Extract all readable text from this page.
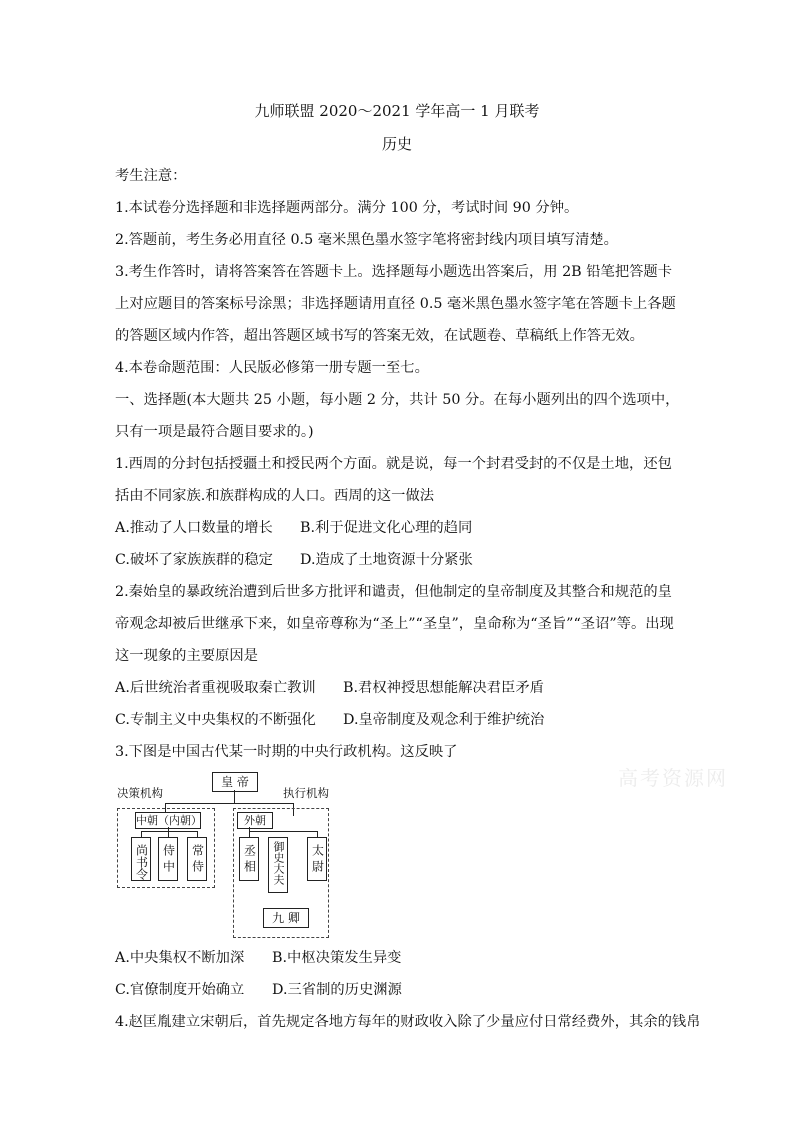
九师联盟 2020～2021 学年高一 1 月联考
历史
考生注意：
1.本试卷分选择题和非选择题两部分。满分 100 分，考试时间 90 分钟。
2.答题前，考生务必用直径 0.5 毫米黑色墨水签字笔将密封线内项目填写清楚。
3.考生作答时，请将答案答在答题卡上。选择题每小题选出答案后，用 2B 铅笔把答题卡上对应题目的答案标号涂黑；非选择题请用直径 0.5 毫米黑色墨水签字笔在答题卡上各题的答题区域内作答，超出答题区域书写的答案无效，在试题卷、草稿纸上作答无效。
4.本卷命题范围：人民版必修第一册专题一至七。
一、选择题(本大题共 25 小题，每小题 2 分，共计 50 分。在每小题列出的四个选项中，只有一项是最符合题目要求的。)
1.西周的分封包括授疆土和授民两个方面。就是说，每一个封君受封的不仅是土地，还包括由不同家族.和族群构成的人口。西周的这一做法
A.推动了人口数量的增长 B.利于促进文化心理的趋同
C.破坏了家族族群的稳定 D.造成了土地资源十分紧张
2.秦始皇的暴政统治遭到后世多方批评和谴责，但他制定的皇帝制度及其整合和规范的皇帝观念却被后世继承下来，如皇帝尊称为“圣上”“圣皇”，皇命称为“圣旨”“圣诏”等。出现这一现象的主要原因是
A.后世统治者重视吸取秦亡教训 B.君权神授思想能解决君臣矛盾
C.专制主义中央集权的不断强化 D.皇帝制度及观念利于维护统治
3.下图是中国古代某一时期的中央行政机构。这反映了
皇 帝
决策机构	执行机构
中朝（内朝）
尚书令 侍中 常侍
外朝
丞相	御史大夫 太尉
九 卿
A.中央集权不断加深 B.中枢决策发生异变
C.官僚制度开始确立 D.三省制的历史渊源
4.赵匡胤建立宋朝后，首先规定各地方每年的财政收入除了少量应付日常经费外，其余的钱帛
高考资源网
